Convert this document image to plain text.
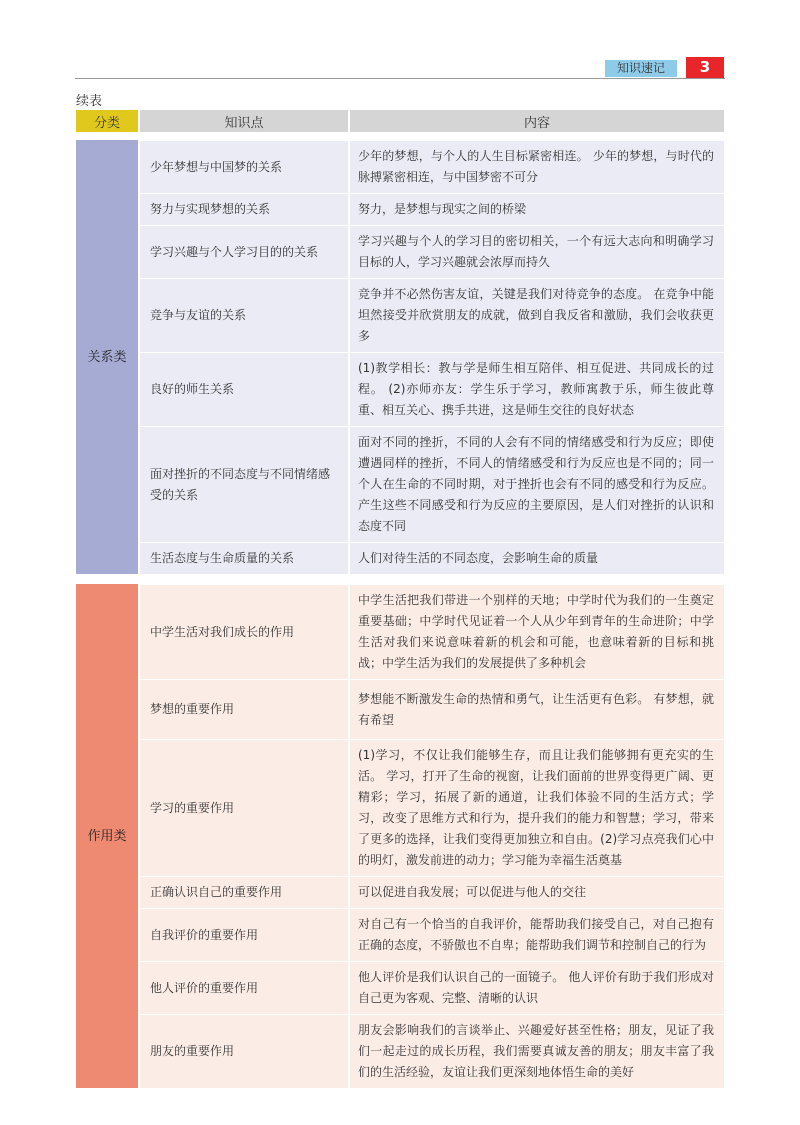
知识速记	3
续表
分类	知识点	内容

关系类	少年梦想与中国梦的关系	少年的梦想，与个人的人生目标紧密相连。 少年的梦想，与时代的脉搏紧密相连，与中国梦密不可分
	努力与实现梦想的关系	努力，是梦想与现实之间的桥梁
	学习兴趣与个人学习目的的关系	学习兴趣与个人的学习目的密切相关，一个有远大志向和明确学习目标的人，学习兴趣就会浓厚而持久
	竞争与友谊的关系	竞争并不必然伤害友谊，关键是我们对待竞争的态度。 在竞争中能坦然接受并欣赏朋友的成就，做到自我反省和激励，我们会收获更多
	良好的师生关系	(1)教学相长：教与学是师生相互陪伴、相互促进、共同成长的过程。 (2)亦师亦友：学生乐于学习，教师寓教于乐，师生彼此尊重、相互关心、携手共进，这是师生交往的良好状态
	面对挫折的不同态度与不同情绪感受的关系	面对不同的挫折，不同的人会有不同的情绪感受和行为反应；即使遭遇同样的挫折，不同人的情绪感受和行为反应也是不同的；同一个人在生命的不同时期，对于挫折也会有不同的感受和行为反应。 产生这些不同感受和行为反应的主要原因，是人们对挫折的认识和态度不同
	生活态度与生命质量的关系	人们对待生活的不同态度，会影响生命的质量

作用类	中学生活对我们成长的作用	中学生活把我们带进一个别样的天地；中学时代为我们的一生奠定重要基础；中学时代见证着一个人从少年到青年的生命进阶；中学生活对我们来说意味着新的机会和可能，也意味着新的目标和挑战；中学生活为我们的发展提供了多种机会
	梦想的重要作用	梦想能不断激发生命的热情和勇气，让生活更有色彩。 有梦想，就有希望
	学习的重要作用	(1)学习，不仅让我们能够生存，而且让我们能够拥有更充实的生活。 学习，打开了生命的视窗，让我们面前的世界变得更广阔、更精彩；学习，拓展了新的通道，让我们体验不同的生活方式；学习，改变了思维方式和行为，提升我们的能力和智慧；学习，带来了更多的选择，让我们变得更加独立和自由。(2)学习点亮我们心中的明灯，激发前进的动力；学习能为幸福生活奠基
	正确认识自己的重要作用	可以促进自我发展；可以促进与他人的交往
	自我评价的重要作用	对自己有一个恰当的自我评价，能帮助我们接受自己，对自己抱有正确的态度，不骄傲也不自卑；能帮助我们调节和控制自己的行为
	他人评价的重要作用	他人评价是我们认识自己的一面镜子。 他人评价有助于我们形成对自己更为客观、完整、清晰的认识
	朋友的重要作用	朋友会影响我们的言谈举止、兴趣爱好甚至性格；朋友，见证了我们一起走过的成长历程，我们需要真诚友善的朋友；朋友丰富了我们的生活经验，友谊让我们更深刻地体悟生命的美好
